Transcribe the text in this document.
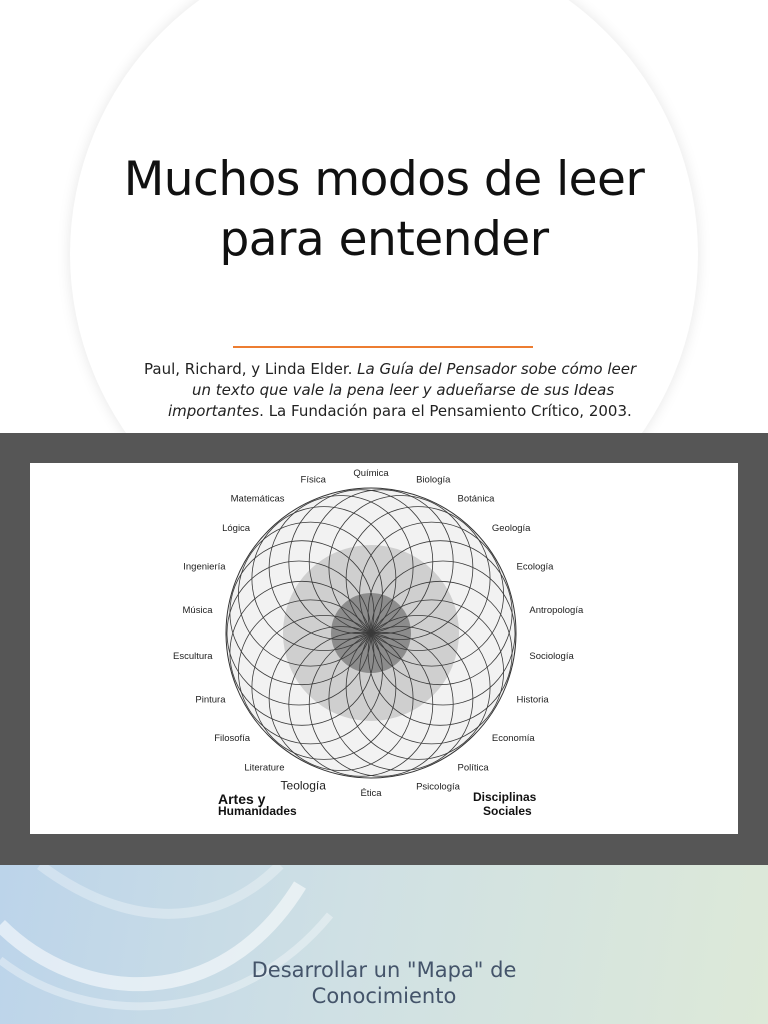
Muchos modos de leer
para entender
Paul, Richard, y Linda Elder. La Guía del Pensador sobe cómo leer
un texto que vale la pena leer y adueñarse de sus Ideas
importantes. La Fundación para el Pensamiento Crítico, 2003.
Química
Biología
Botánica
Geología
Ecología
Antropología
Sociología
Historia
Economía
Política
Psicología
Ética
Teología
Literature
Filosofía
Pintura
Escultura
Música
Ingeniería
Lógica
Matemáticas
Física
Artes y
Humanidades
Disciplinas
Sociales
Desarrollar un "Mapa" de Conocimiento
